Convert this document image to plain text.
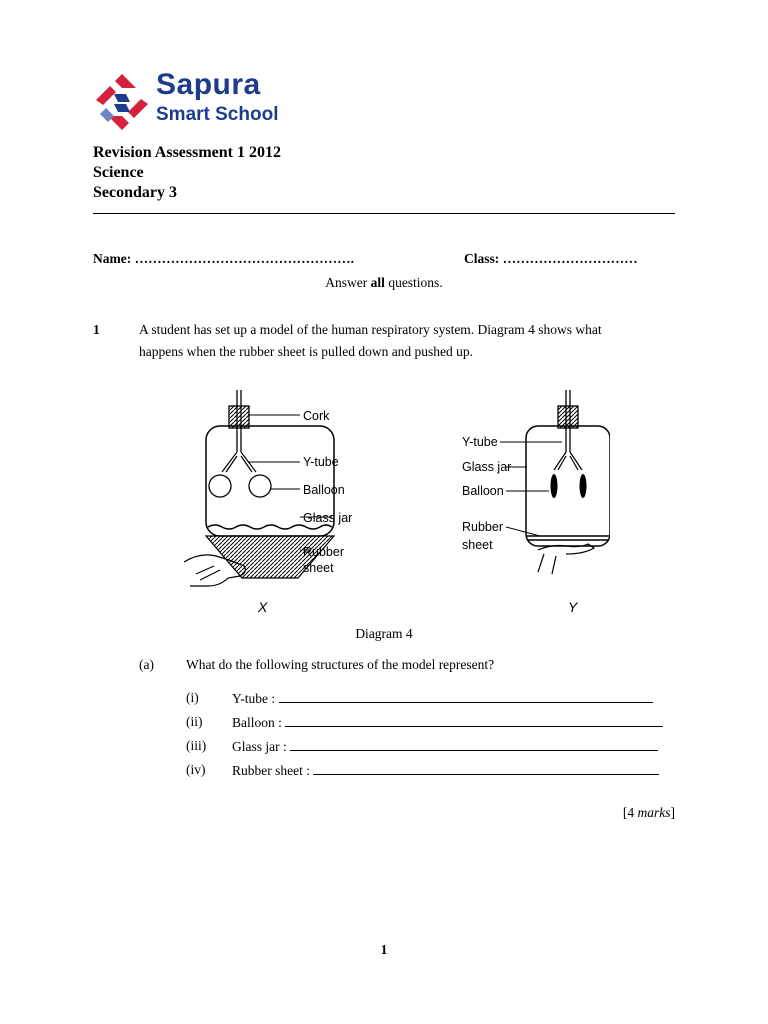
Sapura
Smart School
Revision Assessment 1 2012
Science
Secondary 3
Name: ………………………………………….	Class: …………………………
Answer all questions.
1	A student has set up a model of the human respiratory system. Diagram 4 shows what
happens when the rubber sheet is pulled down and pushed up.
Cork
Y-tube
Balloon
Glass jar
Rubber
sheet
X
Y-tube
Glass jar
Balloon
Rubber
sheet
Y
Diagram 4
(a) What do the following structures of the model represent?
(i) Y-tube :
(ii) Balloon :
(iii) Glass jar :
(iv) Rubber sheet :
[4 marks]
1
